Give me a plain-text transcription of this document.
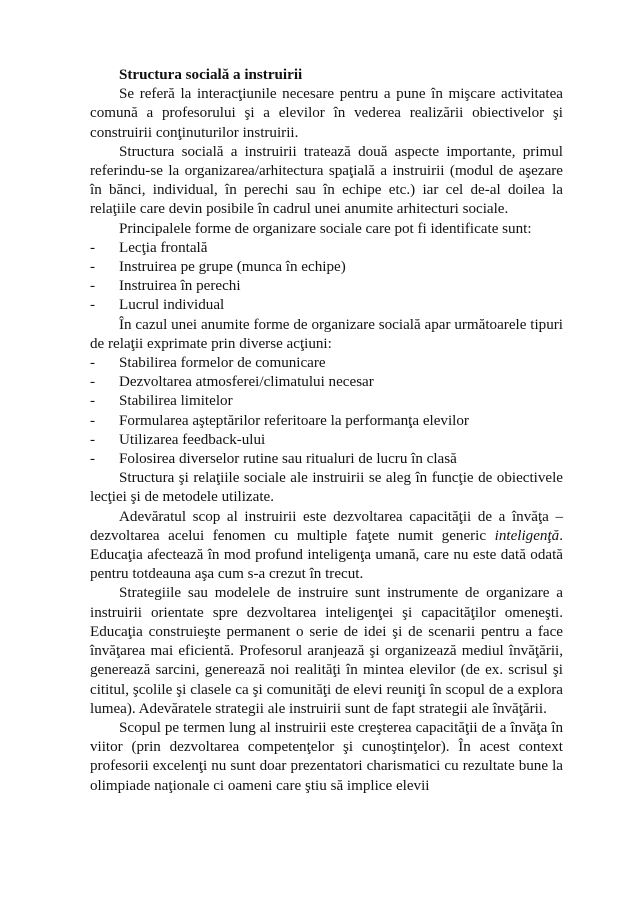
Structura socială a instruirii

Se referă la interacţiunile necesare pentru a pune în mişcare activitatea comună a profesorului şi a elevilor în vederea realizării obiectivelor şi construirii conţinuturilor instruirii.

Structura socială a instruirii tratează două aspecte importante, primul referindu-se la organizarea/arhitectura spaţială a instruirii (modul de aşezare în bănci, individual, în perechi sau în echipe etc.) iar cel de-al doilea la relaţiile care devin posibile în cadrul unei anumite arhitecturi sociale.

Principalele forme de organizare sociale care pot fi identificate sunt:

- Lecţia frontală
- Instruirea pe grupe (munca în echipe)
- Instruirea în perechi
- Lucrul individual

În cazul unei anumite forme de organizare socială apar următoarele tipuri de relaţii exprimate prin diverse acţiuni:

- Stabilirea formelor de comunicare
- Dezvoltarea atmosferei/climatului necesar
- Stabilirea limitelor
- Formularea aşteptărilor referitoare la performanţa elevilor
- Utilizarea feedback-ului
- Folosirea diverselor rutine sau ritualuri de lucru în clasă

Structura şi relaţiile sociale ale instruirii se aleg în funcţie de obiectivele lecţiei şi de metodele utilizate.

Adevăratul scop al instruirii este dezvoltarea capacităţii de a învăţa – dezvoltarea acelui fenomen cu multiple faţete numit generic inteligenţă. Educaţia afectează în mod profund inteligenţa umană, care nu este dată odată pentru totdeauna aşa cum s-a crezut în trecut.

Strategiile sau modelele de instruire sunt instrumente de organizare a instruirii orientate spre dezvoltarea inteligenţei şi capacităţilor omeneşti. Educaţia construieşte permanent o serie de idei şi de scenarii pentru a face învăţarea mai eficientă. Profesorul aranjează şi organizează mediul învăţării, generează sarcini, generează noi realităţi în mintea elevilor (de ex. scrisul şi cititul, şcolile şi clasele ca şi comunităţi de elevi reuniţi în scopul de a explora lumea). Adevăratele strategii ale instruirii sunt de fapt strategii ale învăţării.

Scopul pe termen lung al instruirii este creşterea capacităţii de a învăţa în viitor (prin dezvoltarea competenţelor şi cunoştinţelor). În acest context profesorii excelenţi nu sunt doar prezentatori charismatici cu rezultate bune la olimpiade naţionale ci oameni care ştiu să implice elevii
